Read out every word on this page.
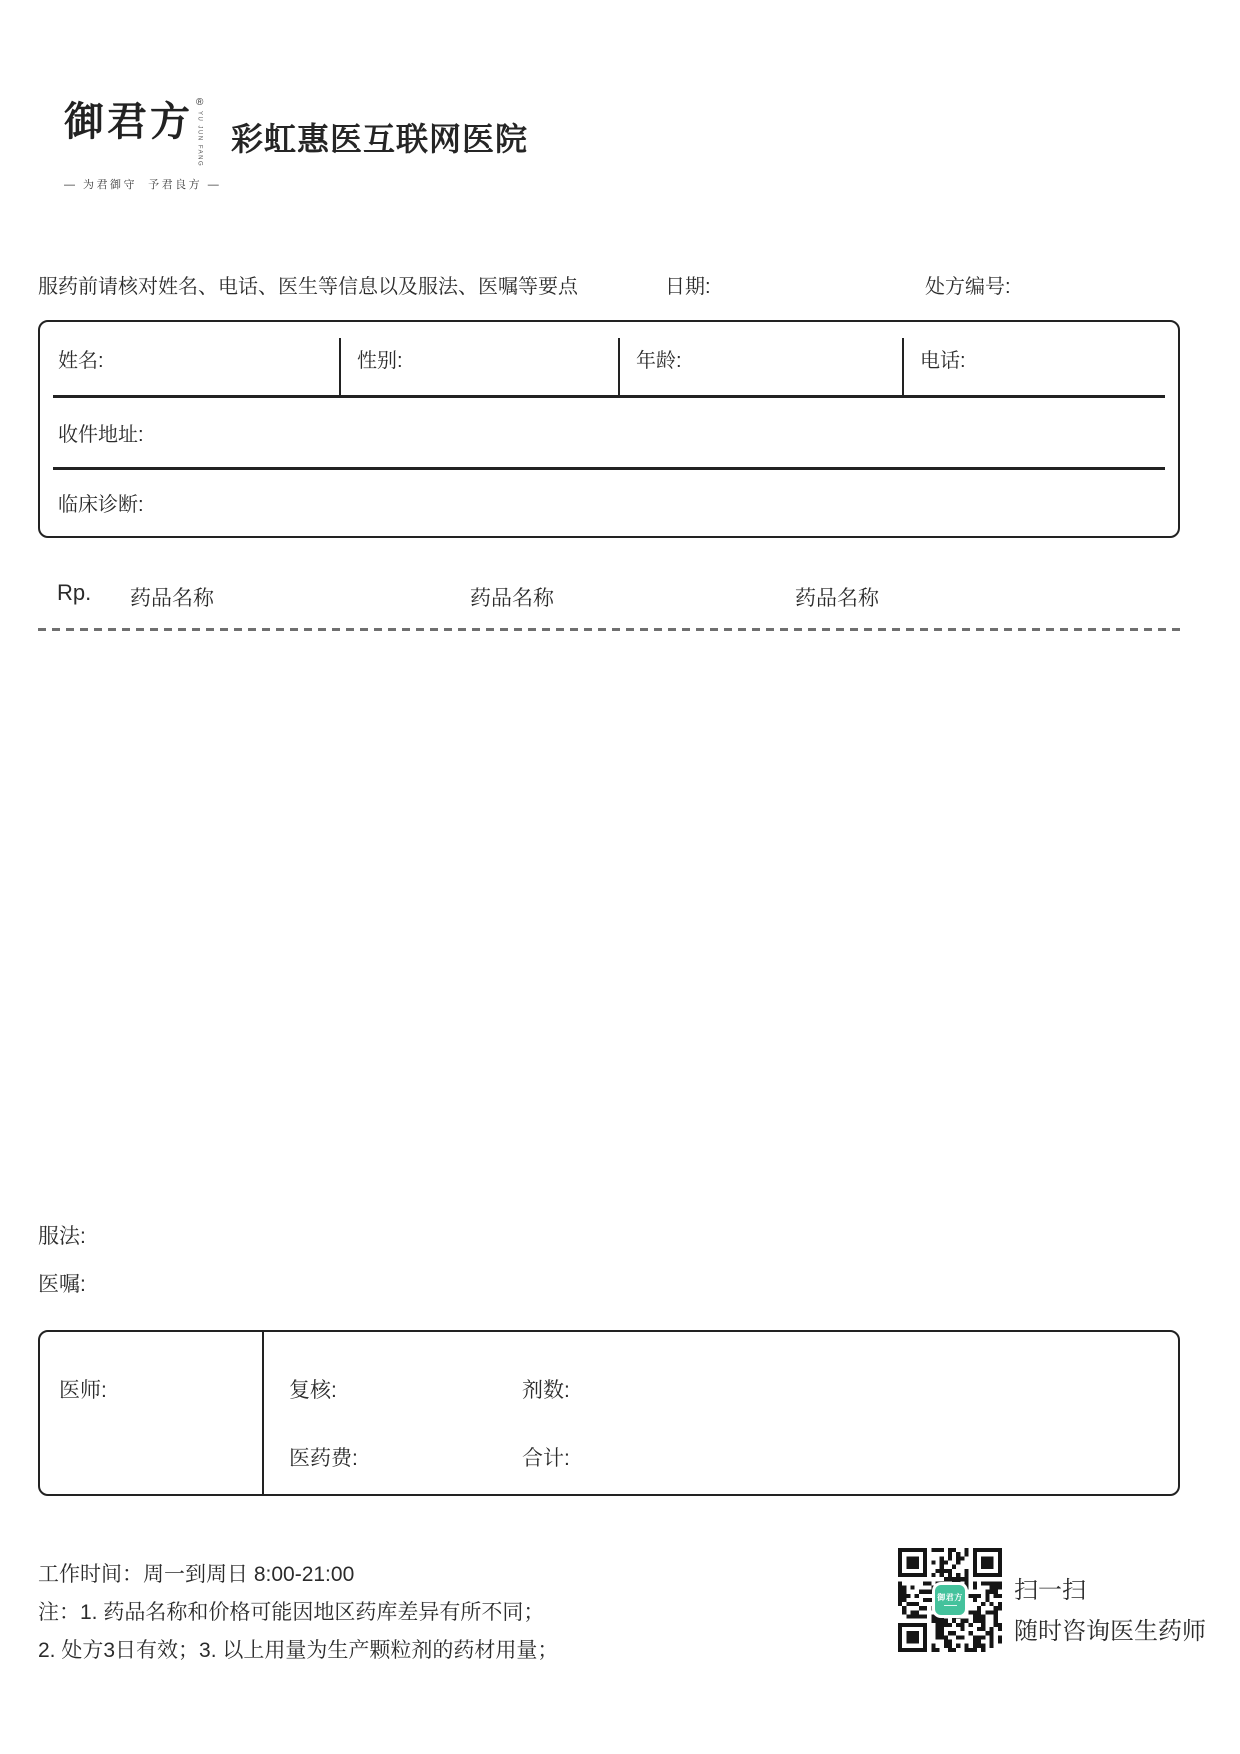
御君方 ®
YU JUN FANG
— 为君御守  予君良方 —
彩虹惠医互联网医院
服药前请核对姓名、电话、医生等信息以及服法、医嘱等要点	日期:	处方编号:
姓名:	性别:	年龄:	电话:
收件地址:
临床诊断:
Rp. 药品名称	药品名称	药品名称
服法:
医嘱:
医师:	复核:	剂数:
医药费:	合计:
工作时间：周一到周日 8:00-21:00
注：1. 药品名称和价格可能因地区药库差异有所不同；
2. 处方3日有效；3. 以上用量为生产颗粒剂的药材用量；
御君方 扫一扫
随时咨询医生药师
